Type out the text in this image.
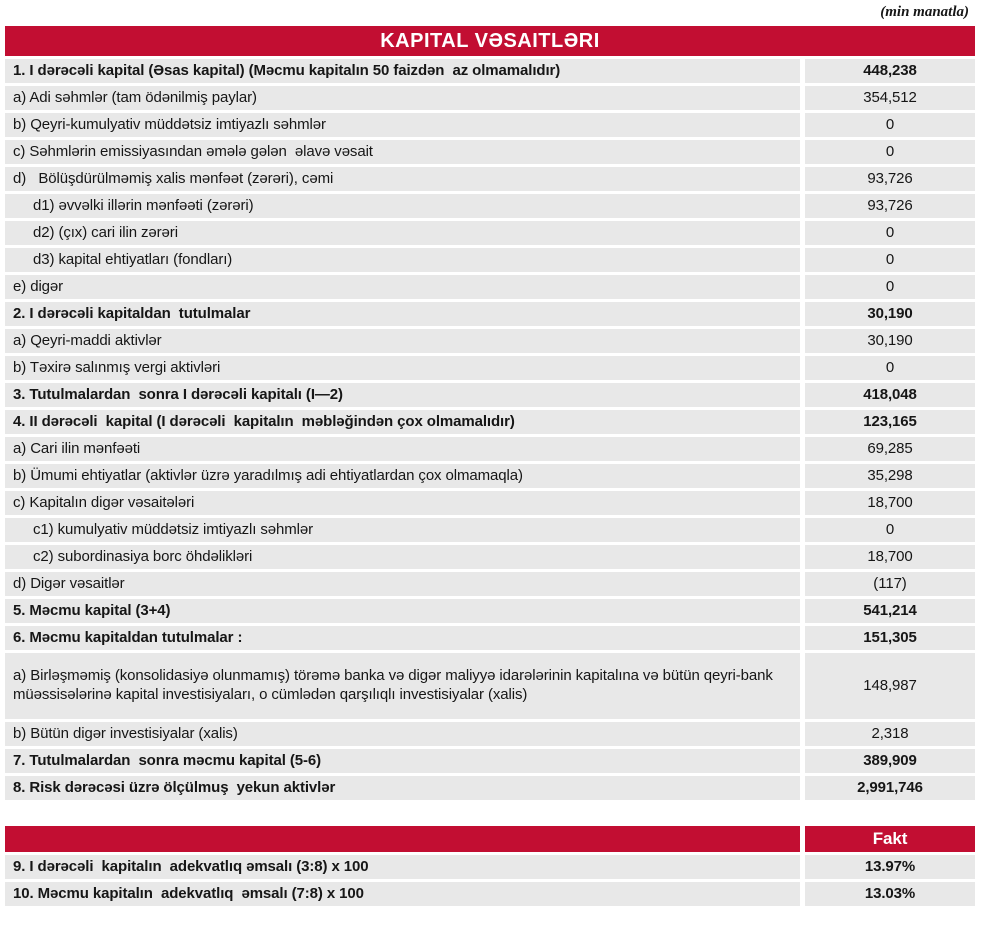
(min manatla)
KAPITAL VƏSAITLƏRI
1. I dərəcəli kapital (Əsas kapital) (Məcmu kapitalın 50 faizdən  az olmamalıdır)	448,238
a) Adi səhmlər (tam ödənilmiş paylar)	354,512
b) Qeyri-kumulyativ müddətsiz imtiyazlı səhmlər	0
c) Səhmlərin emissiyasından əmələ gələn  əlavə vəsait	0
d)   Bölüşdürülməmiş xalis mənfəət (zərəri), cəmi	93,726
d1) əvvəlki illərin mənfəəti (zərəri)	93,726
d2) (çıx) cari ilin zərəri	0
d3) kapital ehtiyatları (fondları)	0
e) digər	0
2. I dərəcəli kapitaldan  tutulmalar	30,190
a) Qeyri-maddi aktivlər	30,190
b) Təxirə salınmış vergi aktivləri	0
3. Tutulmalardan  sonra I dərəcəli kapitalı (I—2)	418,048
4. II dərəcəli  kapital (I dərəcəli  kapitalın  məbləğindən çox olmamalıdır)	123,165
a) Cari ilin mənfəəti	69,285
b) Ümumi ehtiyatlar (aktivlər üzrə yaradılmış adi ehtiyatlardan çox olmamaqla)	35,298
c) Kapitalın digər vəsaitələri	18,700
c1) kumulyativ müddətsiz imtiyazlı səhmlər	0
c2) subordinasiya borc öhdəlikləri	18,700
d) Digər vəsaitlər	(117)
5. Məcmu kapital (3+4)	541,214
6. Məcmu kapitaldan tutulmalar :	151,305
a) Birləşməmiş (konsolidasiyə olunmamış) törəmə banka və digər maliyyə idarələrinin kapitalına və bütün qeyri-bank müəssisələrinə kapital investisiyaları, o cümlədən qarşılıqlı investisiyalar (xalis)
148,987
b) Bütün digər investisiyalar (xalis)	2,318
7. Tutulmalardan  sonra məcmu kapital (5-6)	389,909
8. Risk dərəcəsi üzrə ölçülmuş  yekun aktivlər	2,991,746
Fakt
9. I dərəcəli  kapitalın  adekvatlıq əmsalı (3:8) x 100	13.97%
10. Məcmu kapitalın  adekvatlıq  əmsalı (7:8) x 100	13.03%
